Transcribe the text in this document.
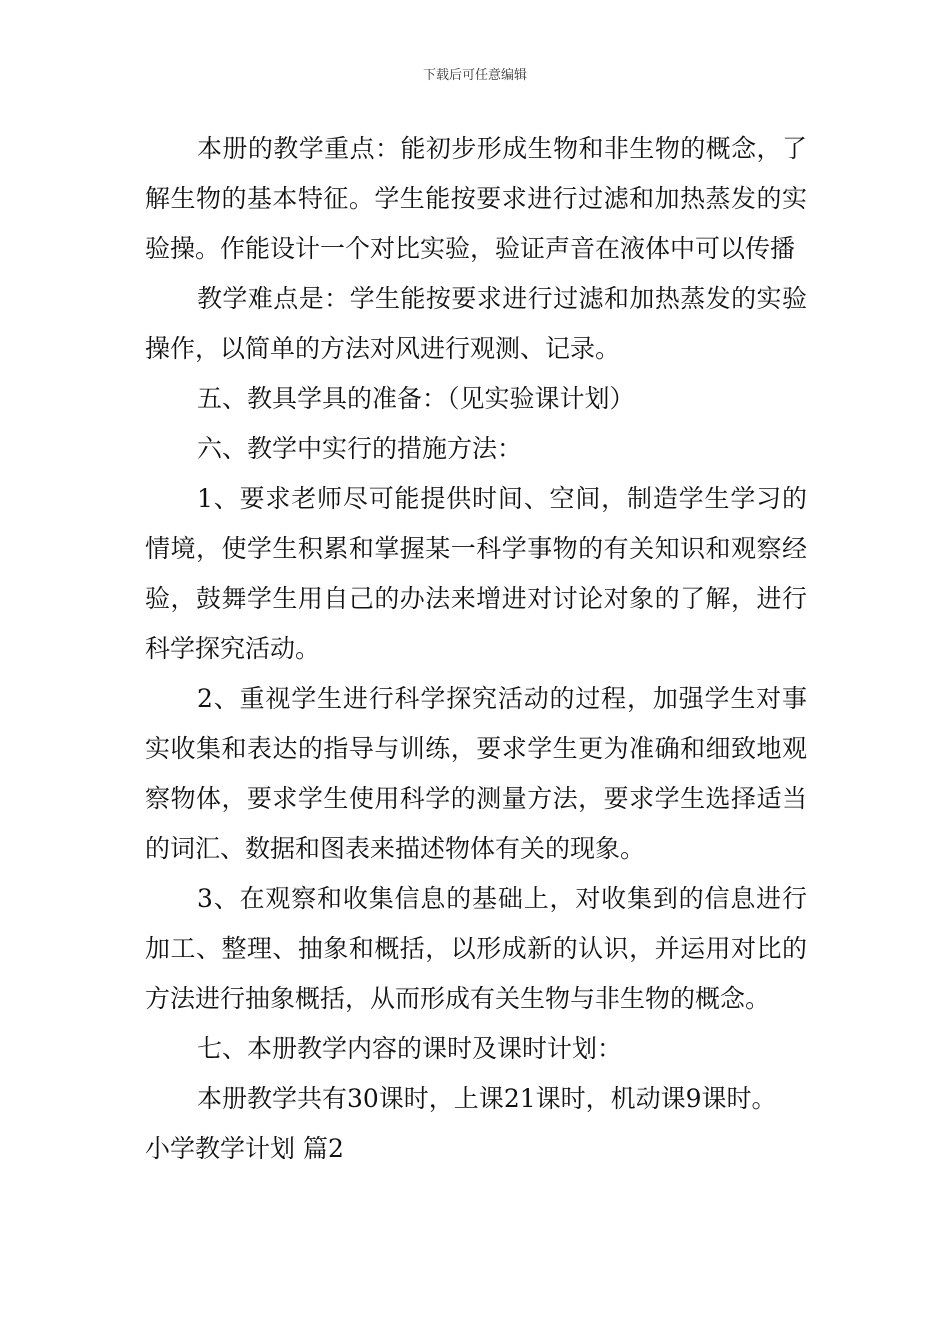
下载后可任意编辑

本册的教学重点：能初步形成生物和非生物的概念，了解生物的基本特征。学生能按要求进行过滤和加热蒸发的实验操。作能设计一个对比实验，验证声音在液体中可以传播

教学难点是：学生能按要求进行过滤和加热蒸发的实验操作，以简单的方法对风进行观测、记录。

五、教具学具的准备：（见实验课计划）

六、教学中实行的措施方法：

1、要求老师尽可能提供时间、空间，制造学生学习的情境，使学生积累和掌握某一科学事物的有关知识和观察经验，鼓舞学生用自己的办法来增进对讨论对象的了解，进行科学探究活动。

2、重视学生进行科学探究活动的过程，加强学生对事实收集和表达的指导与训练，要求学生更为准确和细致地观察物体，要求学生使用科学的测量方法，要求学生选择适当的词汇、数据和图表来描述物体有关的现象。

3、在观察和收集信息的基础上，对收集到的信息进行加工、整理、抽象和概括，以形成新的认识，并运用对比的方法进行抽象概括，从而形成有关生物与非生物的概念。

七、本册教学内容的课时及课时计划：

本册教学共有30课时，上课21课时，机动课9课时。

小学教学计划 篇2
